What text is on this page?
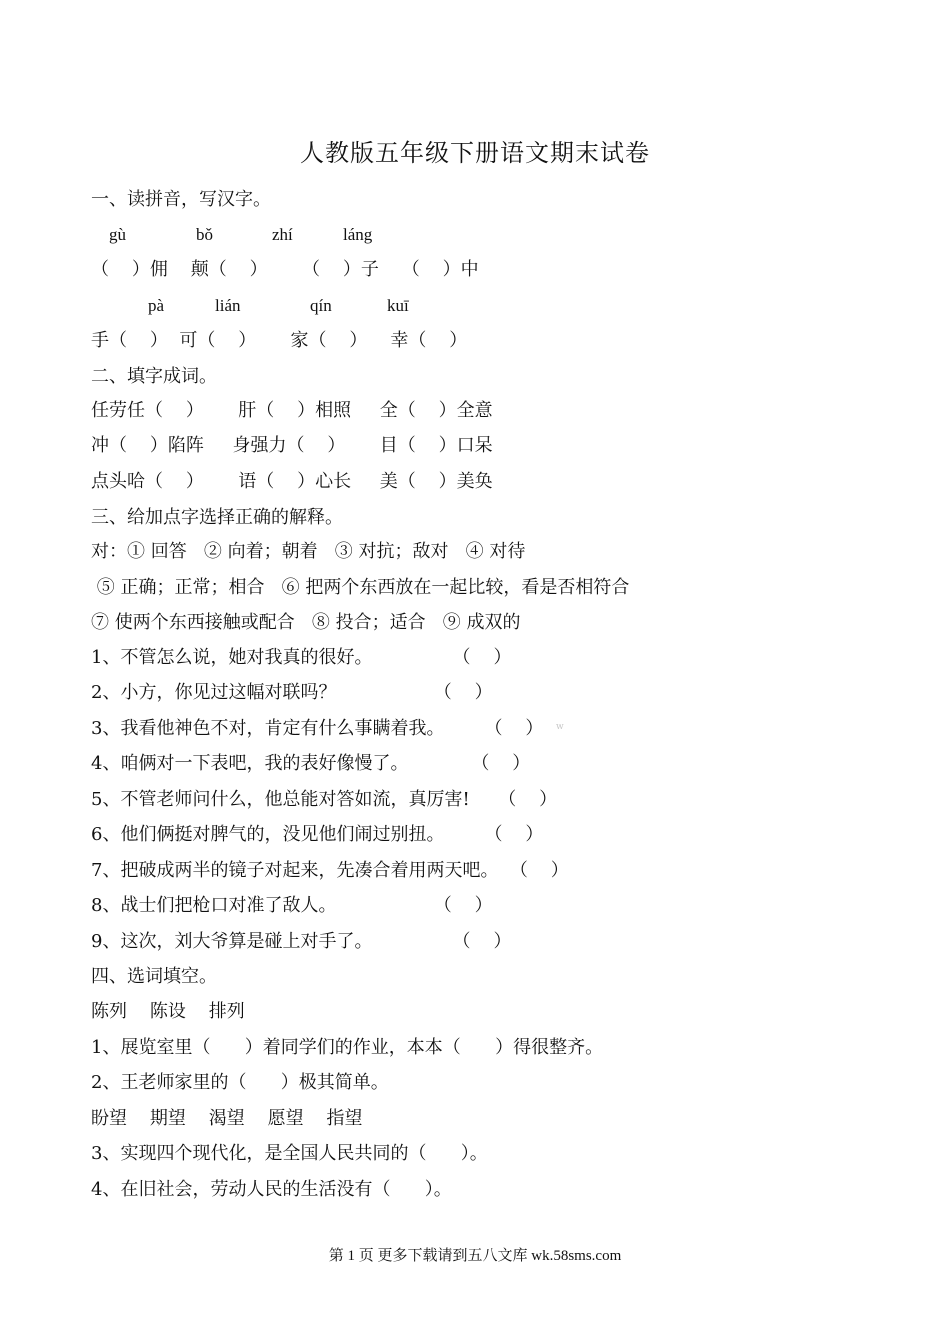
人教版五年级下册语文期末试卷
一、读拼音，写汉字。
gù	bǒ	zhí	láng
（    ）佣    颠（    ）      （    ）子    （    ）中
pà	lián	qín	kuī
手（    ）  可（    ）      家（    ）    幸（    ）
二、填字成词。
任劳任（    ）      肝（    ）相照     全（    ）全意
冲（    ）陷阵     身强力（    ）      目（    ）口呆
点头哈（    ）      语（    ）心长     美（    ）美奂
三、给加点字选择正确的解释。
对：① 回答   ② 向着；朝着   ③ 对抗；敌对   ④ 对待
⑤ 正确；正常；相合   ⑥ 把两个东西放在一起比较，看是否相符合
⑦ 使两个东西接触或配合   ⑧ 投合；适合   ⑨ 成双的
1、不管怎么说，她对我真的很好。              （    ）
2、小方，你见过这幅对联吗？                 （    ）
3、我看他神色不对，肯定有什么事瞒着我。       （    ）
4、咱俩对一下表吧，我的表好像慢了。           （    ）
5、不管老师问什么，他总能对答如流，真厉害!     （    ）
6、他们俩挺对脾气的，没见他们闹过别扭。       （    ）
7、把破成两半的镜子对起来，先凑合着用两天吧。  （    ）
8、战士们把枪口对准了敌人。                 （    ）
9、这次，刘大爷算是碰上对手了。              （    ）
四、选词填空。
陈列    陈设    排列
1、展览室里（      ）着同学们的作业，本本（      ）得很整齐。
2、王老师家里的（      ）极其简单。
盼望    期望    渴望    愿望    指望
3、实现四个现代化，是全国人民共同的（      ）。
4、在旧社会，劳动人民的生活没有（      ）。
w
第 1 页 更多下载请到五八文库 wk.58sms.com
